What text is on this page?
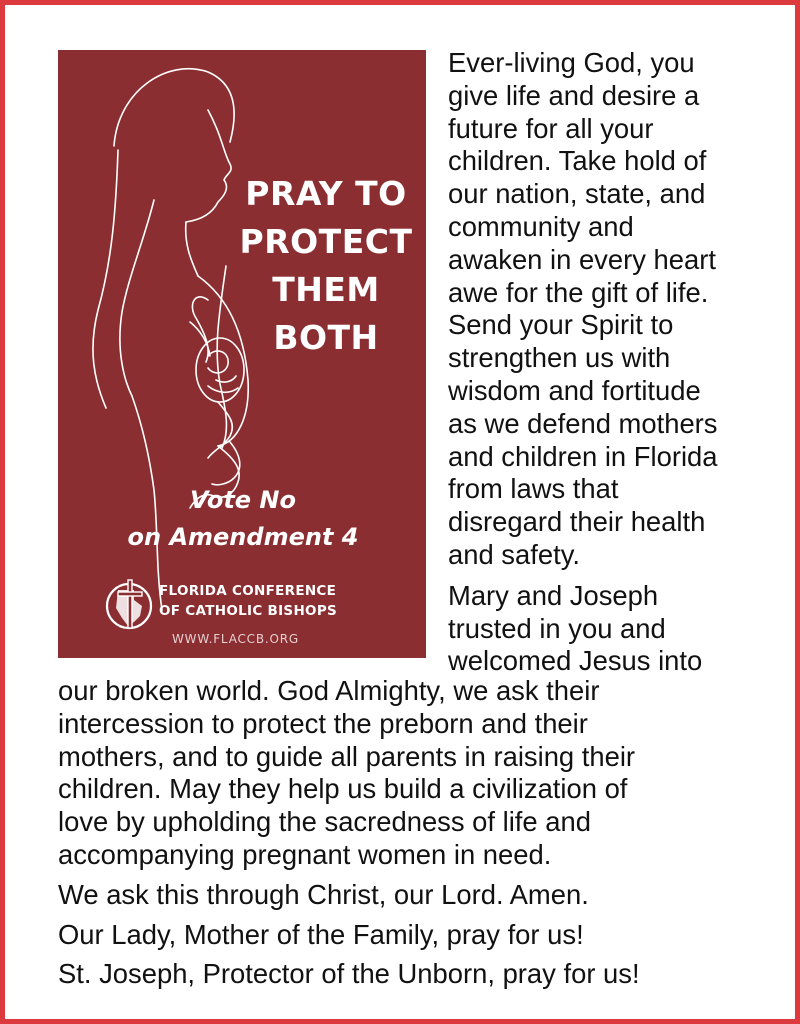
PRAY TO
PROTECT
THEM
BOTH
Vote No
on Amendment 4
FLORIDA CONFERENCE
OF CATHOLIC BISHOPS
WWW.FLACCB.ORG

Ever-living God, you
give life and desire a
future for all your
children. Take hold of
our nation, state, and
community and
awaken in every heart
awe for the gift of life.
Send your Spirit to
strengthen us with
wisdom and fortitude
as we defend mothers
and children in Florida
from laws that
disregard their health
and safety.

Mary and Joseph
trusted in you and
welcomed Jesus into

our broken world. God Almighty, we ask their
intercession to protect the preborn and their
mothers, and to guide all parents in raising their
children. May they help us build a civilization of
love by upholding the sacredness of life and
accompanying pregnant women in need.

We ask this through Christ, our Lord. Amen.

Our Lady, Mother of the Family, pray for us!

St. Joseph, Protector of the Unborn, pray for us!
